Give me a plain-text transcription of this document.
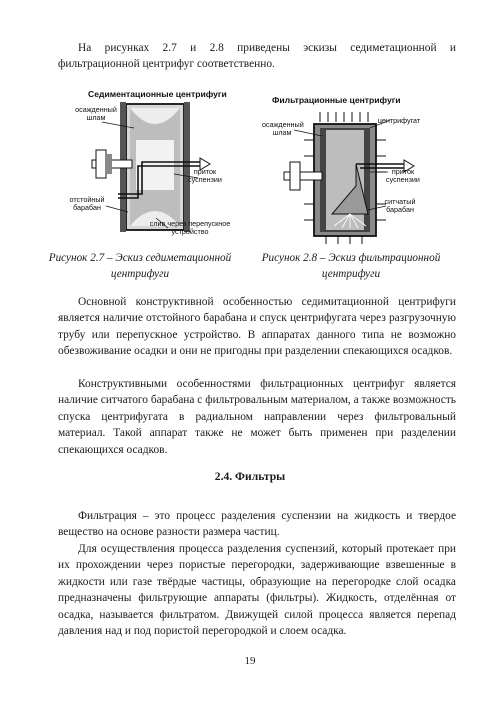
На рисунках 2.7 и 2.8 приведены эскизы седиметационной и фильтрационной центрифуг соответственно.

Седиментационные центрифуги
осажденный шлам
приток суспензии
отстойный барабан
слив через перепускное устройство
Фильтрационные центрифуги
осажденный шлам
центрифугат
приток суспензии
ситчатый барабан
Рисунок 2.7 – Эскиз седиметационной центрифуги
Рисунок 2.8 – Эскиз фильтрационной центрифуги

Основной конструктивной особенностью седимитационной центрифуги является наличие отстойного барабана и спуск центрифугата через разгрузочную трубу или перепускное устройство. В аппаратах данного типа не возможно обезвоживание осадки и они не пригодны при разделении спекающихся осадков.

Конструктивными особенностями фильтрационных центрифуг является наличие ситчатого барабана с фильтровальным материалом, а также возможность спуска центрифугата в радиальном направлении через фильтровальный материал. Такой аппарат также не может быть применен при разделении спекающихся осадков.

2.4. Фильтры

Фильтрация – это процесс разделения суспензии на жидкость и твердое вещество на основе разности размера частиц.

Для осуществления процесса разделения суспензий, который протекает при их прохождении через пористые перегородки, задерживающие взвешенные в жидкости или газе твёрдые частицы, образующие на перегородке слой осадка предназначены фильтрующие аппараты (фильтры). Жидкость, отделённая от осадка, называется фильтратом. Движущей силой процесса является перепад давления над и под пористой перегородкой и слоем осадка.

19
